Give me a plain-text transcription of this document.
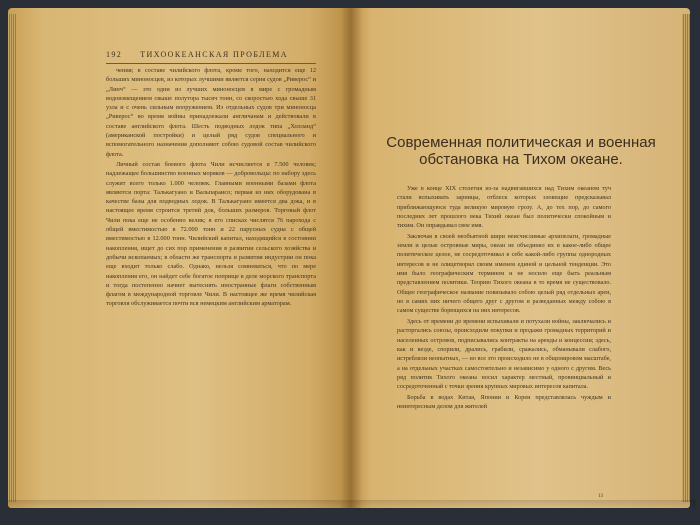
192 ТИХООКЕАНСКАЯ ПРОБЛЕМА

чения; в составе чилийского флота, кроме того, находится еще 12 больших миноносцев, из которых лучшими является серия судов „Риверос“ и „Линч“ — это одни из лучших миноносцев в мире с громадным водоизмещением свыше полутора тысяч тонн, со скоростью хода свыше 31 узла и с очень сильным вооружением. Из отдельных судов три миноносца „Риверос“ во время войны принадлежали англичанам и действовали в составе английского флота. Шесть подводных лодок типа „Холланд“ (американской постройки) и целый ряд судов специального и вспомогательного назначения дополняют собою судовой состав чилийского флота.

Личный состав боевого флота Чили исчисляется в 7.500 человек; надлежащее большинство военных моряков — добровольцы: по набору здесь служит всего только 1.000 человек. Главными военными базами флота являются порта: Талькагуано и Вальпараисо; первая из них оборудована в качестве базы для подводных лодок. В Талькагуано имеется два дока, и в настоящее время строится третий док, больших размеров. Торговый флот Чили пока еще не особенно велик; в его списках числятся 76 парохода с общей вместимостью в 72.000 тонн и 22 парусных судна с общей вместимостью в 12.000 тонн. Чилийский капитал, находящийся в состоянии накопления, ищет до сих пор применения в развитии сельского хозяйства и добычи ископаемых; в области же транспорта и развития индустрии он пока еще входит только слабо. Однако, нельзя сомневаться, что по мере накопления его, он найдет себе богатое поприще в деле морского транспорта и тогда постепенно начнет вытеснять иностранные флаги собственным флагом в международной торговле Чили. В настоящее же время чилийская торговля обслуживается почти вся немецким английским арматорам.

Современная политическая и военная
обстановка на Тихом океане.

Уже в конце XIX столетия из-за надвигавшихся над Тихим океаном туч стали вспыхивать зарницы, отблеск которых зловещие предсказывал приближающуюся туда великую мировую грозу. А, до тех пор, до самого последних лет прошлого века Тихий океан был политически спокойным и тихим. Он оправдывал свое имя.

Заключая в своей необъятной шири неисчислимые архипелаги, громадные земли и целые островные миры, океан не объединял их в какое-либо общее политическое целое, не сосредоточивал в себе какой-либо группы однородных интересов и не олицетворял своим именем единой и цельной тенденции. Это имя было географическим термином и не носило еще быть реальным представлением политики. Теорию Тихого океана в то время не существовало. Общее географическое название повязывало собою целый ряд отдельных арен, но в самих них ничего общего друг с другом и разведанных между собою в самом существе борющихся на них интересов.

Здесь от времени до времени вспыхивали и потухали войны, заключались и расторгались союзы, происходили покупки и продажи громадных территорий и населенных островов, подписывались контракты на аренды и концессии; здесь, как и везде, спорили, дрались, грабили, сражались, обманывали слабого, истребляли неопытных, — но все это происходило не в общемировом масштабе, а на отдельных участках самостоятельно и независимо у одного с другим. Весь ряд политик Тихого океана носил характер местный, провинциальный и сосредоточенный с точки зрения крупных мировых интересов капитала.

Борьба в водах Китая, Японии и Кореи представлялась чуждым и неинтересным делом для жителей

13
